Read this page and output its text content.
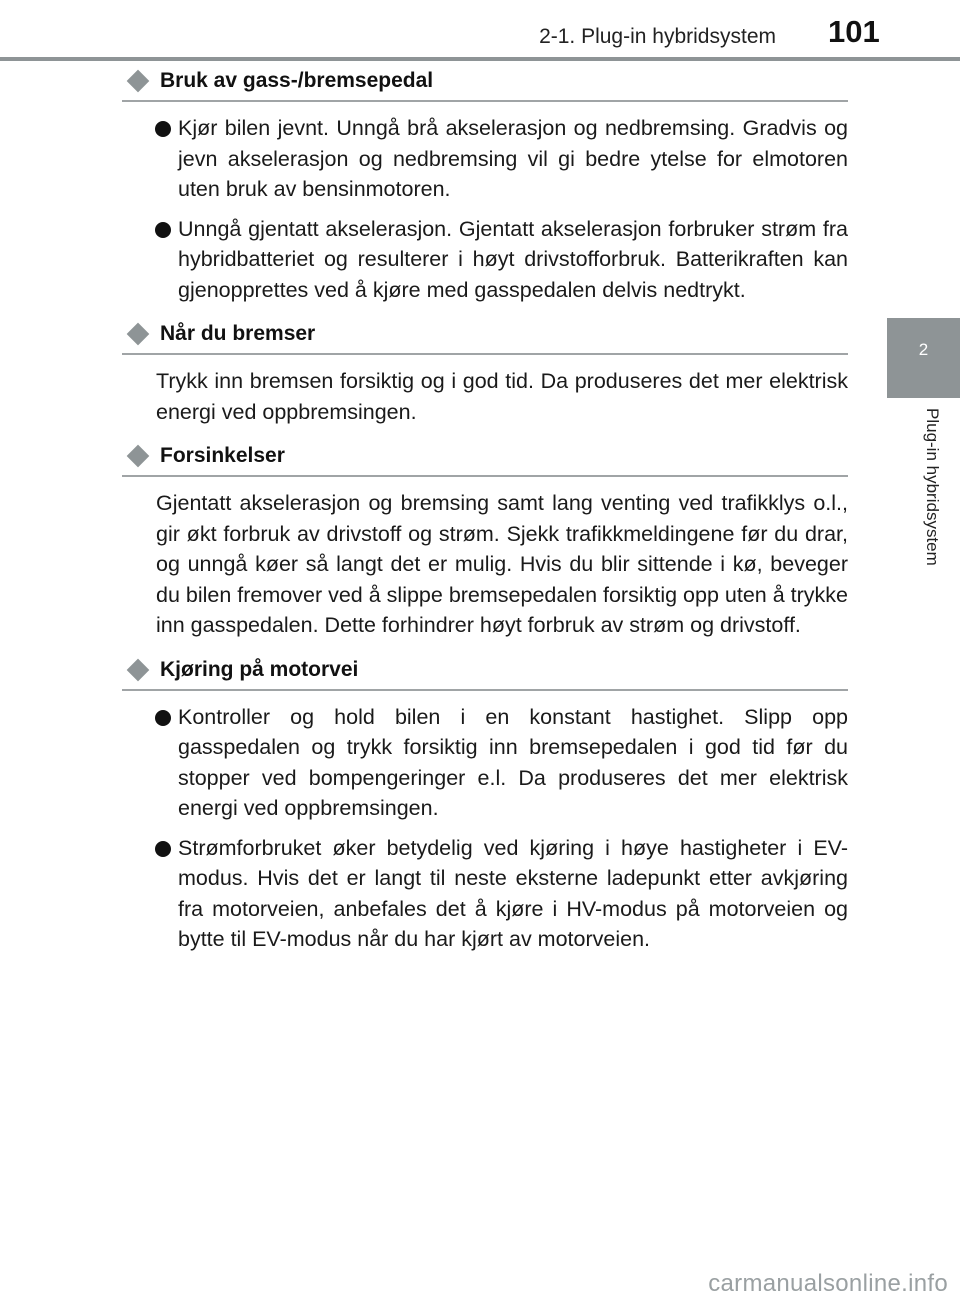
2-1. Plug-in hybridsystem 101
2
Plug-in hybridsystem
Bruk av gass-/bremsepedal

Kjør bilen jevnt. Unngå brå akselerasjon og nedbremsing. Gradvis og jevn akselerasjon og nedbremsing vil gi bedre ytelse for elmotoren uten bruk av bensinmotoren.

Unngå gjentatt akselerasjon. Gjentatt akselerasjon forbruker strøm fra hybridbatteriet og resulterer i høyt drivstofforbruk. Batterikraften kan gjenopprettes ved å kjøre med gasspedalen delvis nedtrykt.

Når du bremser

Trykk inn bremsen forsiktig og i god tid. Da produseres det mer elektrisk energi ved oppbremsingen.

Forsinkelser

Gjentatt akselerasjon og bremsing samt lang venting ved trafikklys o.l., gir økt forbruk av drivstoff og strøm. Sjekk trafikkmeldingene før du drar, og unngå køer så langt det er mulig. Hvis du blir sittende i kø, beveger du bilen fremover ved å slippe bremsepedalen forsiktig opp uten å trykke inn gasspedalen. Dette forhindrer høyt forbruk av strøm og drivstoff.

Kjøring på motorvei

Kontroller og hold bilen i en konstant hastighet. Slipp opp gasspedalen og trykk forsiktig inn bremsepedalen i god tid før du stopper ved bompengeringer e.l. Da produseres det mer elektrisk energi ved oppbremsingen.

Strømforbruket øker betydelig ved kjøring i høye hastigheter i EV-modus. Hvis det er langt til neste eksterne ladepunkt etter avkjøring fra motorveien, anbefales det å kjøre i HV-modus på motorveien og bytte til EV-modus når du har kjørt av motorveien.

carmanualsonline.info
